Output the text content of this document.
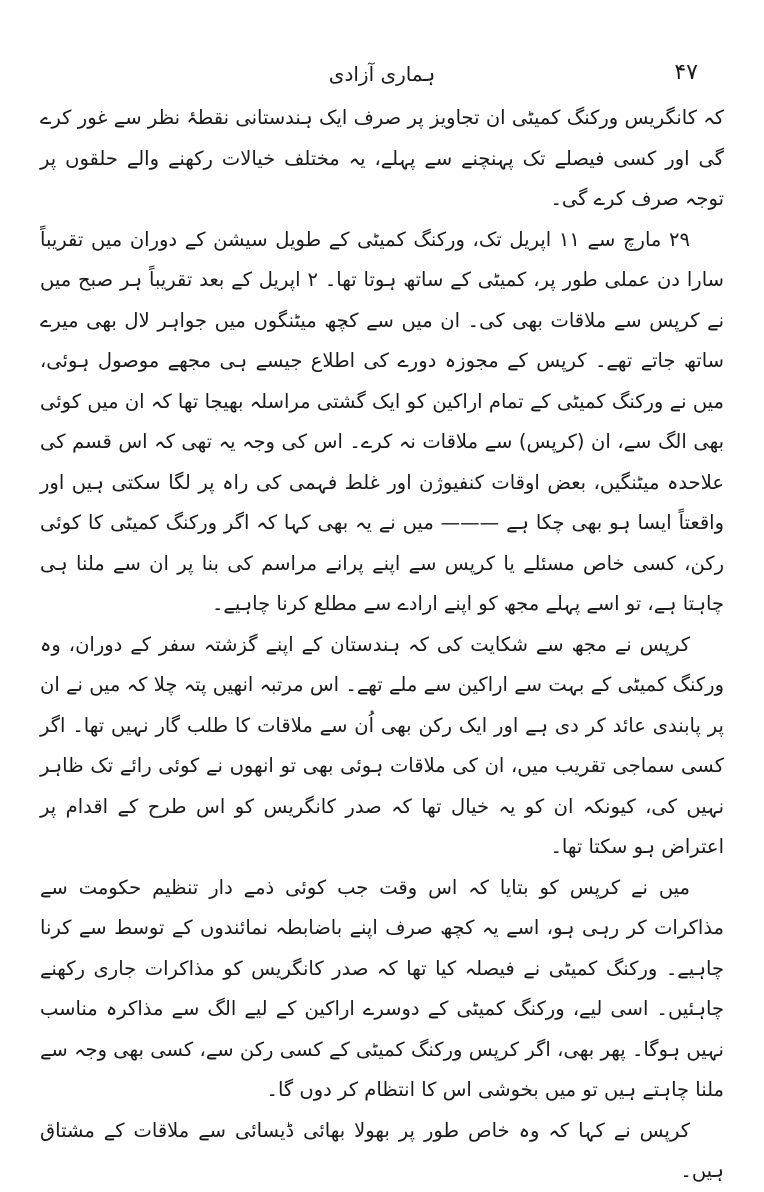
۴۷
ہماری آزادی

کہ کانگریس ورکنگ کمیٹی ان تجاویز پر صرف ایک ہندستانی نقطۂ نظر سے غور کرے گی اور کسی فیصلے تک پہنچنے سے پہلے، یہ مختلف خیالات رکھنے والے حلقوں پر توجہ صرف کرے گی۔

۲۹ مارچ سے ۱۱ اپریل تک، ورکنگ کمیٹی کے طویل سیشن کے دوران میں تقریباً سارا دن عملی طور پر، کمیٹی کے ساتھ ہوتا تھا۔ ۲ اپریل کے بعد تقریباً ہر صبح میں نے کرپس سے ملاقات بھی کی۔ ان میں سے کچھ میٹنگوں میں جواہر لال بھی میرے ساتھ جاتے تھے۔ کرپس کے مجوزہ دورے کی اطلاع جیسے ہی مجھے موصول ہوئی، میں نے ورکنگ کمیٹی کے تمام اراکین کو ایک گشتی مراسلہ بھیجا تھا کہ ان میں کوئی بھی الگ سے، ان (کرپس) سے ملاقات نہ کرے۔ اس کی وجہ یہ تھی کہ اس قسم کی علاحدہ میٹنگیں، بعض اوقات کنفیوژن اور غلط فہمی کی راہ پر لگا سکتی ہیں اور واقعتاً ایسا ہو بھی چکا ہے ——— میں نے یہ بھی کہا کہ اگر ورکنگ کمیٹی کا کوئی رکن، کسی خاص مسئلے یا کرپس سے اپنے پرانے مراسم کی بنا پر ان سے ملنا ہی چاہتا ہے، تو اسے پہلے مجھ کو اپنے ارادے سے مطلع کرنا چاہیے۔

کرپس نے مجھ سے شکایت کی کہ ہندستان کے اپنے گزشتہ سفر کے دوران، وہ ورکنگ کمیٹی کے بہت سے اراکین سے ملے تھے۔ اس مرتبہ انھیں پتہ چلا کہ میں نے ان پر پابندی عائد کر دی ہے اور ایک رکن بھی اُن سے ملاقات کا طلب گار نہیں تھا۔ اگر کسی سماجی تقریب میں، ان کی ملاقات ہوئی بھی تو انھوں نے کوئی رائے تک ظاہر نہیں کی، کیونکہ ان کو یہ خیال تھا کہ صدر کانگریس کو اس طرح کے اقدام پر اعتراض ہو سکتا تھا۔

میں نے کرپس کو بتایا کہ اس وقت جب کوئی ذمے دار تنظیم حکومت سے مذاکرات کر رہی ہو، اسے یہ کچھ صرف اپنے باضابطہ نمائندوں کے توسط سے کرنا چاہیے۔ ورکنگ کمیٹی نے فیصلہ کیا تھا کہ صدر کانگریس کو مذاکرات جاری رکھنے چاہئیں۔ اسی لیے، ورکنگ کمیٹی کے دوسرے اراکین کے لیے الگ سے مذاکرہ مناسب نہیں ہوگا۔ پھر بھی، اگر کرپس ورکنگ کمیٹی کے کسی رکن سے، کسی بھی وجہ سے ملنا چاہتے ہیں تو میں بخوشی اس کا انتظام کر دوں گا۔

کرپس نے کہا کہ وہ خاص طور پر بھولا بھائی ڈیسائی سے ملاقات کے مشتاق ہیں۔
